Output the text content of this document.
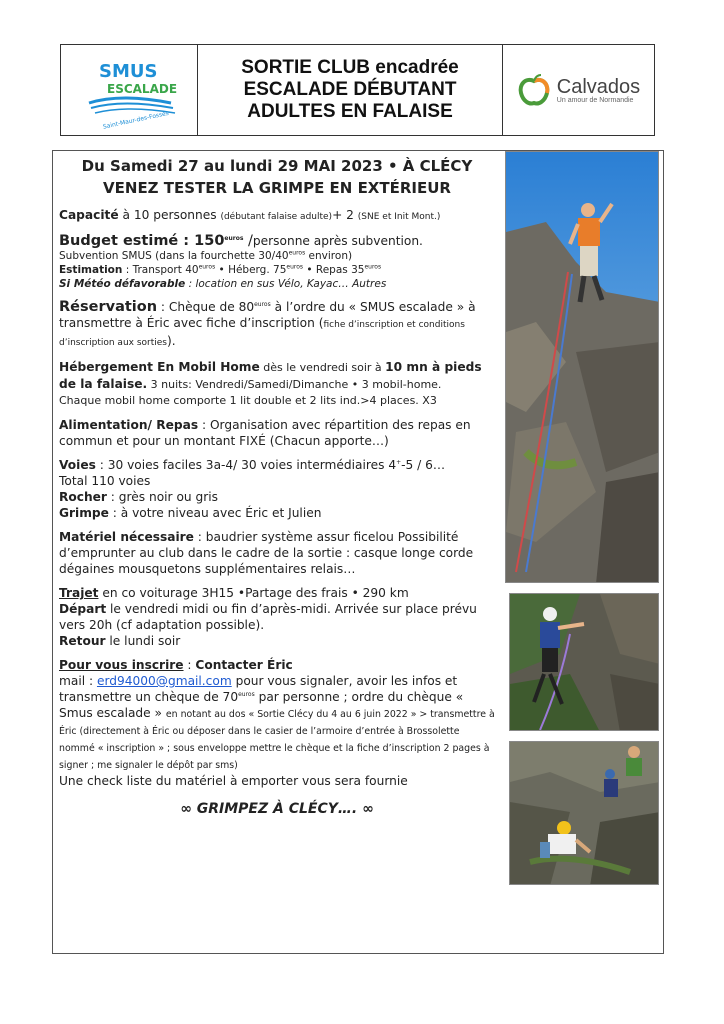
SMUS
ESCALADE
Saint-Maur-des-Fossés
SORTIE CLUB encadrée
ESCALADE DÉBUTANT
ADULTES EN FALAISE
Calvados
Un amour de Normandie

Du Samedi 27 au lundi 29 MAI 2023 • À CLÉCY

VENEZ TESTER LA GRIMPE EN EXTÉRIEUR

Capacité à 10 personnes (débutant falaise adulte)+ 2 (SNE et Init Mont.)

Budget estimé : $150^{euros}$ /personne après subvention.

Subvention SMUS (dans la fourchette $30/40^{euros}$ environ)

Estimation : Transport $40^{euros}$ • Héberg. $75^{euros}$ • Repas $35^{euros}$

Si Météo défavorable : location en sus Vélo, Kayac… Autres

Réservation : Chèque de $80^{euros}$ à l’ordre du « SMUS escalade » à transmettre à Éric avec fiche d’inscription (fiche d’inscription et conditions d’inscription aux sorties).

Hébergement En Mobil Home dès le vendredi soir à 10 mn à pieds de la falaise. 3 nuits: Vendredi/Samedi/Dimanche • 3 mobil-home.

Chaque mobil home comporte 1 lit double et 2 lits ind.>4 places. X3

Alimentation/ Repas : Organisation avec répartition des repas en commun et pour un montant FIXÉ (Chacun apporte…)

Voies : 30 voies faciles 3a-4/ 30 voies intermédiaires 4+-5 / 6…

Total 110 voies

Rocher : grès noir ou gris

Grimpe : à votre niveau avec Éric et Julien

Matériel nécessaire : baudrier système assur ficelou Possibilité d’emprunter au club dans le cadre de la sortie : casque longe corde dégaines mousquetons supplémentaires relais…

Trajet en co voiturage 3H15 •Partage des frais • 290 km

Départ le vendredi midi ou fin d’après-midi. Arrivée sur place prévu vers 20h (cf adaptation possible).

Retour le lundi soir

Pour vous inscrire : Contacter Éric

mail : erd94000@gmail.com pour vous signaler, avoir les infos et transmettre un chèque de $70^{euros}$ par personne ; ordre du chèque « Smus escalade » en notant au dos « Sortie Clécy du 4 au 6 juin 2022 » > transmettre à Éric (directement à Éric ou déposer dans le casier de l’armoire d’entrée à Brossolette nommé « inscription » ; sous enveloppe mettre le chèque et la fiche d’inscription 2 pages à signer ; me signaler le dépôt par sms)

Une check liste du matériel à emporter vous sera fournie

∞ GRIMPEZ À CLÉCY…. ∞
